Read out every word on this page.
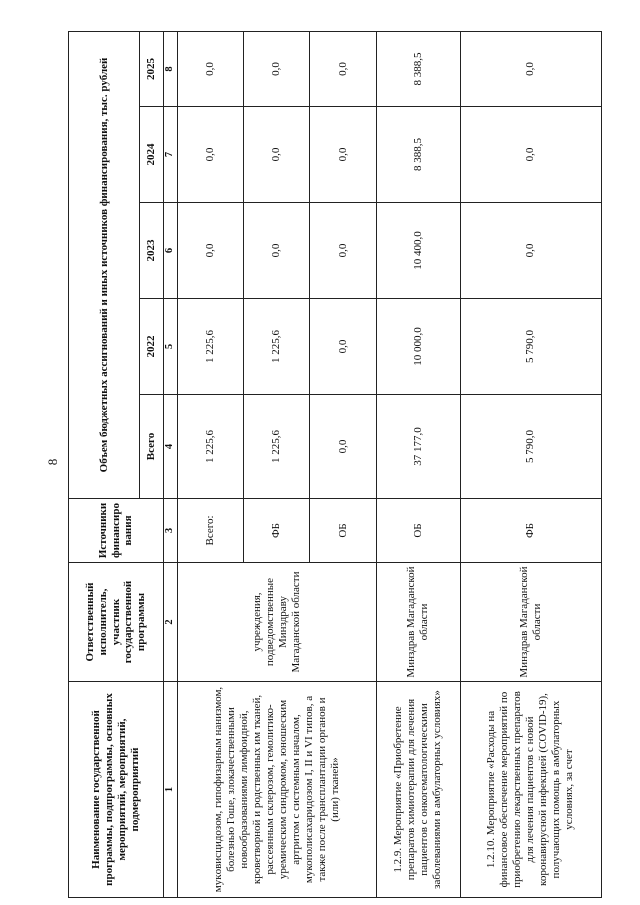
8
Наименование государственной программы, подпрограммы, основных мероприятий, мероприятий, подмероприятий	Ответственный исполнитель, участник государственной программы	Источники финансиро вания	Объем бюджетных ассигнований и иных источников финансирования, тыс. рублей				
			Всего	2022	2023	2024	2025
1	2	3	4	5	6	7	8
мукoвисцидозом, гипофизарным нанизмом, болезнью Гоше, злокачественными новообразованиями лимфоидной, кроветворной и родственных им тканей, рассеянным склерозом, гемолитико-уремическим синдромом, юношеским артритом с системным началом, мукополисахаридозом I, II и VI типов, а также после трансплантации органов и (или) тканей»	учреждения, подведомственные Минздраву Магаданской области	Всего:	1 225,6	1 225,6	0,0	0,0	0,0
		ФБ	1 225,6	1 225,6	0,0	0,0	0,0
		ОБ	0,0	0,0	0,0	0,0	0,0
1.2.9. Мероприятие «Приобретение препаратов химиотерапии для лечения пациентов с онкогематологическими заболеваниями в амбулаторных условиях»	Минздрав Магаданской области	ОБ	37 177,0	10 000,0	10 400,0	8 388,5	8 388,5
1.2.10. Мероприятие «Расходы на финансовое обеспечение мероприятий по приобретению лекарственных препаратов для лечения пациентов с новой коронавирусной инфекцией (COVID-19), получающих помощь в амбулаторных условиях, за счет	Минздрав Магаданской области	ФБ	5 790,0	5 790,0	0,0	0,0	0,0
